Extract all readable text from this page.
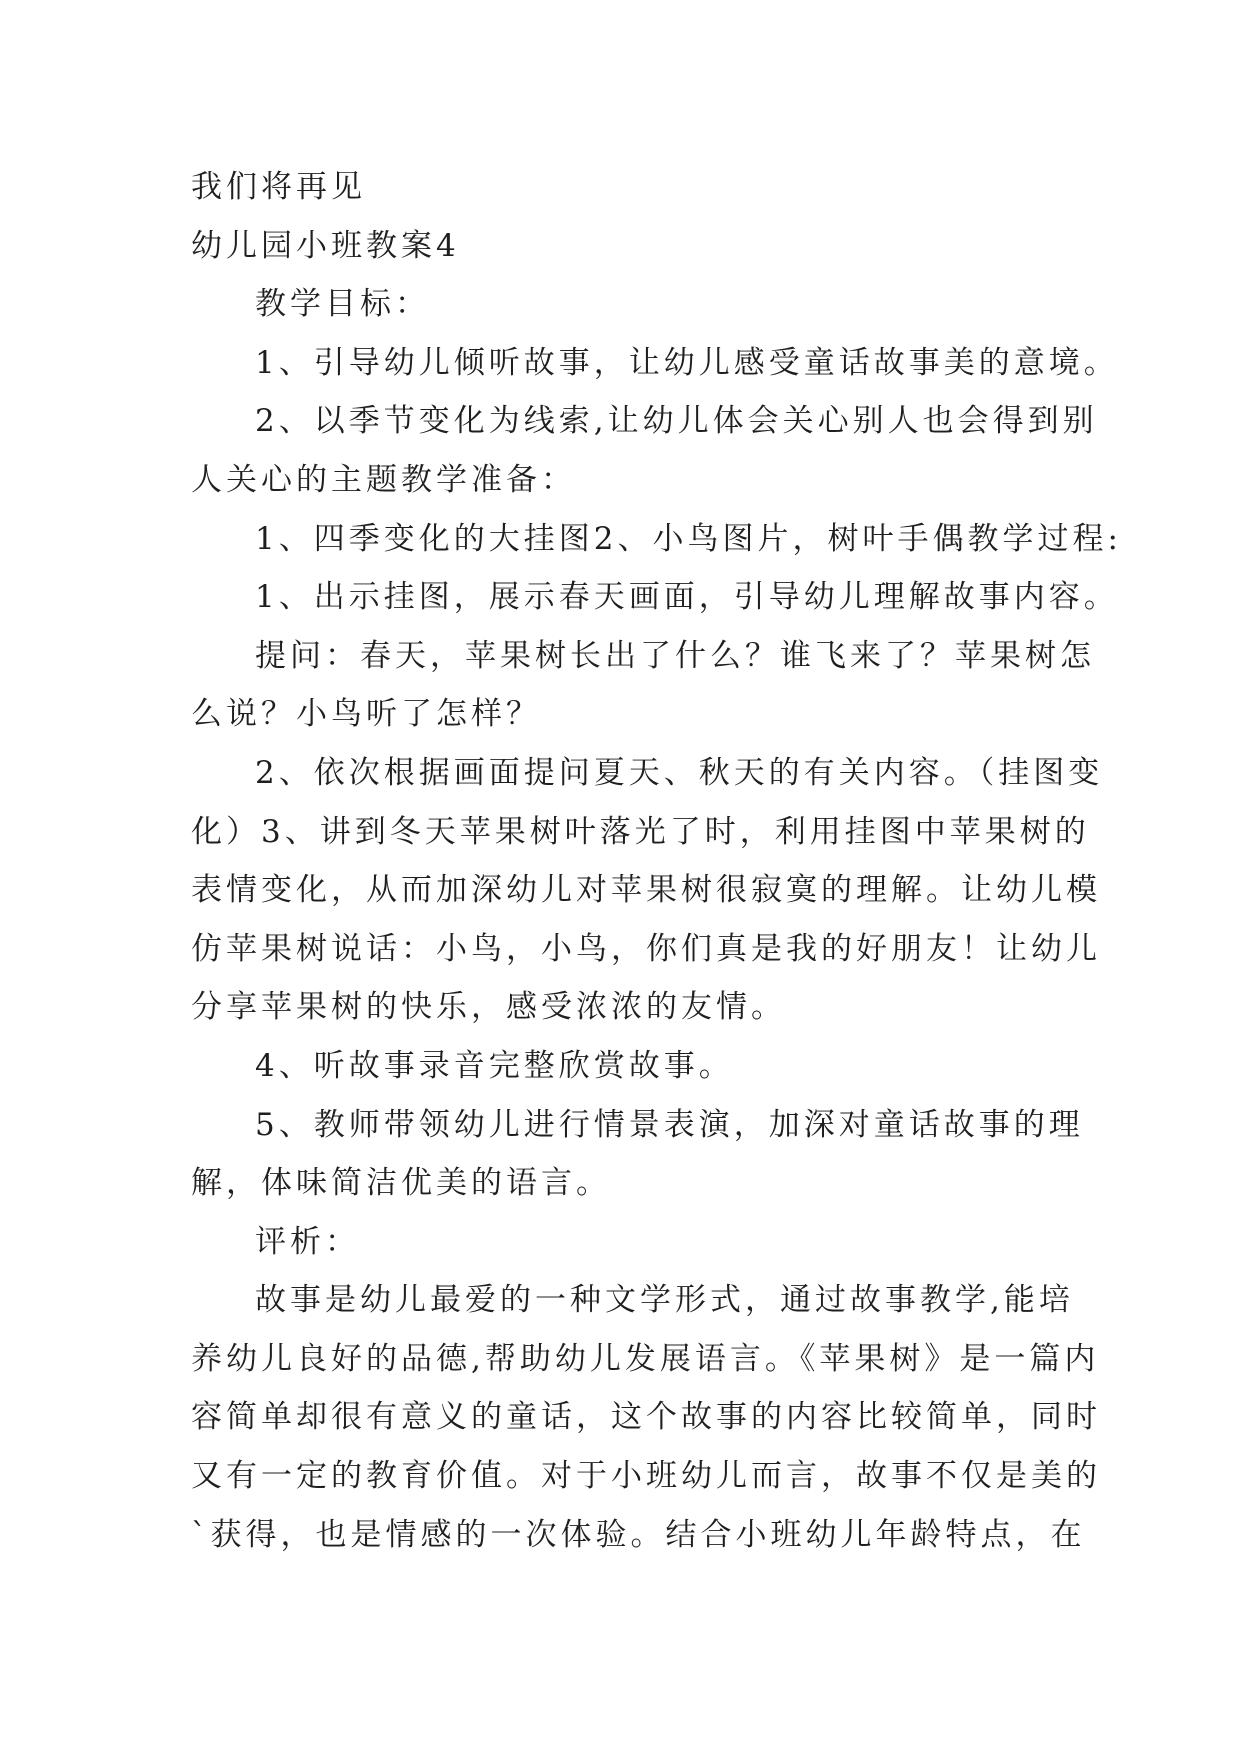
我们将再见
幼儿园小班教案4
教学目标：
1、引导幼儿倾听故事，让幼儿感受童话故事美的意境。
2、以季节变化为线索,让幼儿体会关心别人也会得到别
人关心的主题教学准备：
1、四季变化的大挂图2、小鸟图片，树叶手偶教学过程:
1、出示挂图，展示春天画面，引导幼儿理解故事内容。
提问：春天，苹果树长出了什么？谁飞来了？苹果树怎
么说？小鸟听了怎样？
2、依次根据画面提问夏天、秋天的有关内容。（挂图变
化）3、讲到冬天苹果树叶落光了时，利用挂图中苹果树的
表情变化，从而加深幼儿对苹果树很寂寞的理解。让幼儿模
仿苹果树说话：小鸟，小鸟，你们真是我的好朋友！让幼儿
分享苹果树的快乐，感受浓浓的友情。
4、听故事录音完整欣赏故事。
5、教师带领幼儿进行情景表演，加深对童话故事的理
解，体味简洁优美的语言。
评析：
故事是幼儿最爱的一种文学形式，通过故事教学,能培
养幼儿良好的品德,帮助幼儿发展语言。《苹果树》是一篇内
容简单却很有意义的童话，这个故事的内容比较简单，同时
又有一定的教育价值。对于小班幼儿而言，故事不仅是美的
`获得，也是情感的一次体验。结合小班幼儿年龄特点，在
